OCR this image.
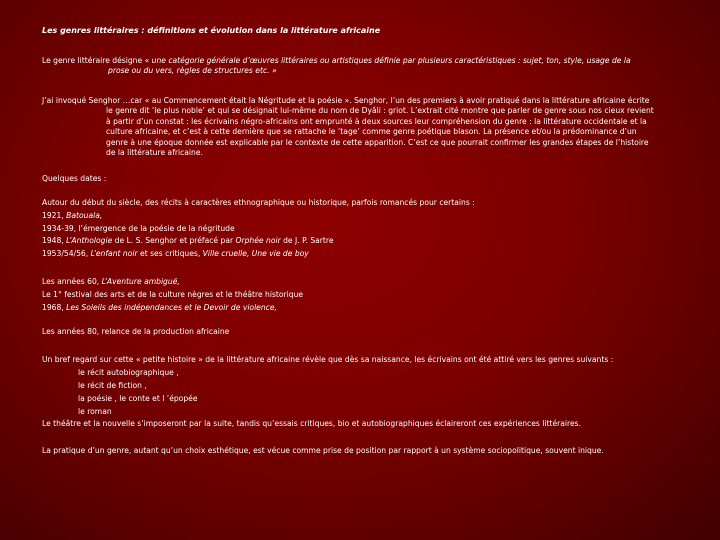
Les genres littéraires : définitions et évolution dans la littérature africaine
Le genre littéraire désigne « une catégorie générale d’œuvres littéraires ou artistiques définie par plusieurs caractéristiques : sujet, ton, style, usage de la
prose ou du vers, règles de structures etc. »
J’ai invoqué Senghor …car « au Commencement était la Négritude et la poésie ». Senghor, l’un des premiers à avoir pratiqué dans la littérature africaine écrite
le genre dit ‘le plus noble’ et qui se désignait lui-même du nom de Dyâli : griot. L’extrait cité montre que parler de genre sous nos cieux revient
à partir d’un constat : les écrivains négro-africains ont emprunté à deux sources leur compréhension du genre : la littérature occidentale et la
culture africaine, et c’est à cette dernière que se rattache le ‘tage’ comme genre poétique blason. La présence et/ou la prédominance d’un
genre à une époque donnée est explicable par le contexte de cette apparition. C’est ce que pourrait confirmer les grandes étapes de l’histoire
de la littérature africaine.
Quelques dates :
Autour du début du siècle, des récits à caractères ethnographique ou historique, parfois romancés pour certains :
1921, Batouala,
1934-39, l’émergence de la poésie de la négritude
1948, L’Anthologie de L. S. Senghor et préfacé par Orphée noir de J. P. Sartre
1953/54/56, L’enfant noir et ses critiques, Ville cruelle, Une vie de boy
Les années 60, L’Aventure ambiguë,
Le 1° festival des arts et de la culture nègres et le théâtre historique
1968, Les Soleils des indépendances et le Devoir de violence,
Les années 80, relance de la production africaine
Un bref regard sur cette « petite histoire » de la littérature africaine révèle que dès sa naissance, les écrivains ont été attiré vers les genres suivants :
le récit autobiographique ,
le récit de fiction ,
la poésie , le conte et l ’épopée
le roman
Le théâtre et la nouvelle s’imposeront par la suite, tandis qu’essais critiques, bio et autobiographiques éclaireront ces expériences littéraires.
La pratique d’un genre, autant qu’un choix esthétique, est vécue comme prise de position par rapport à un système sociopolitique, souvent inique.
